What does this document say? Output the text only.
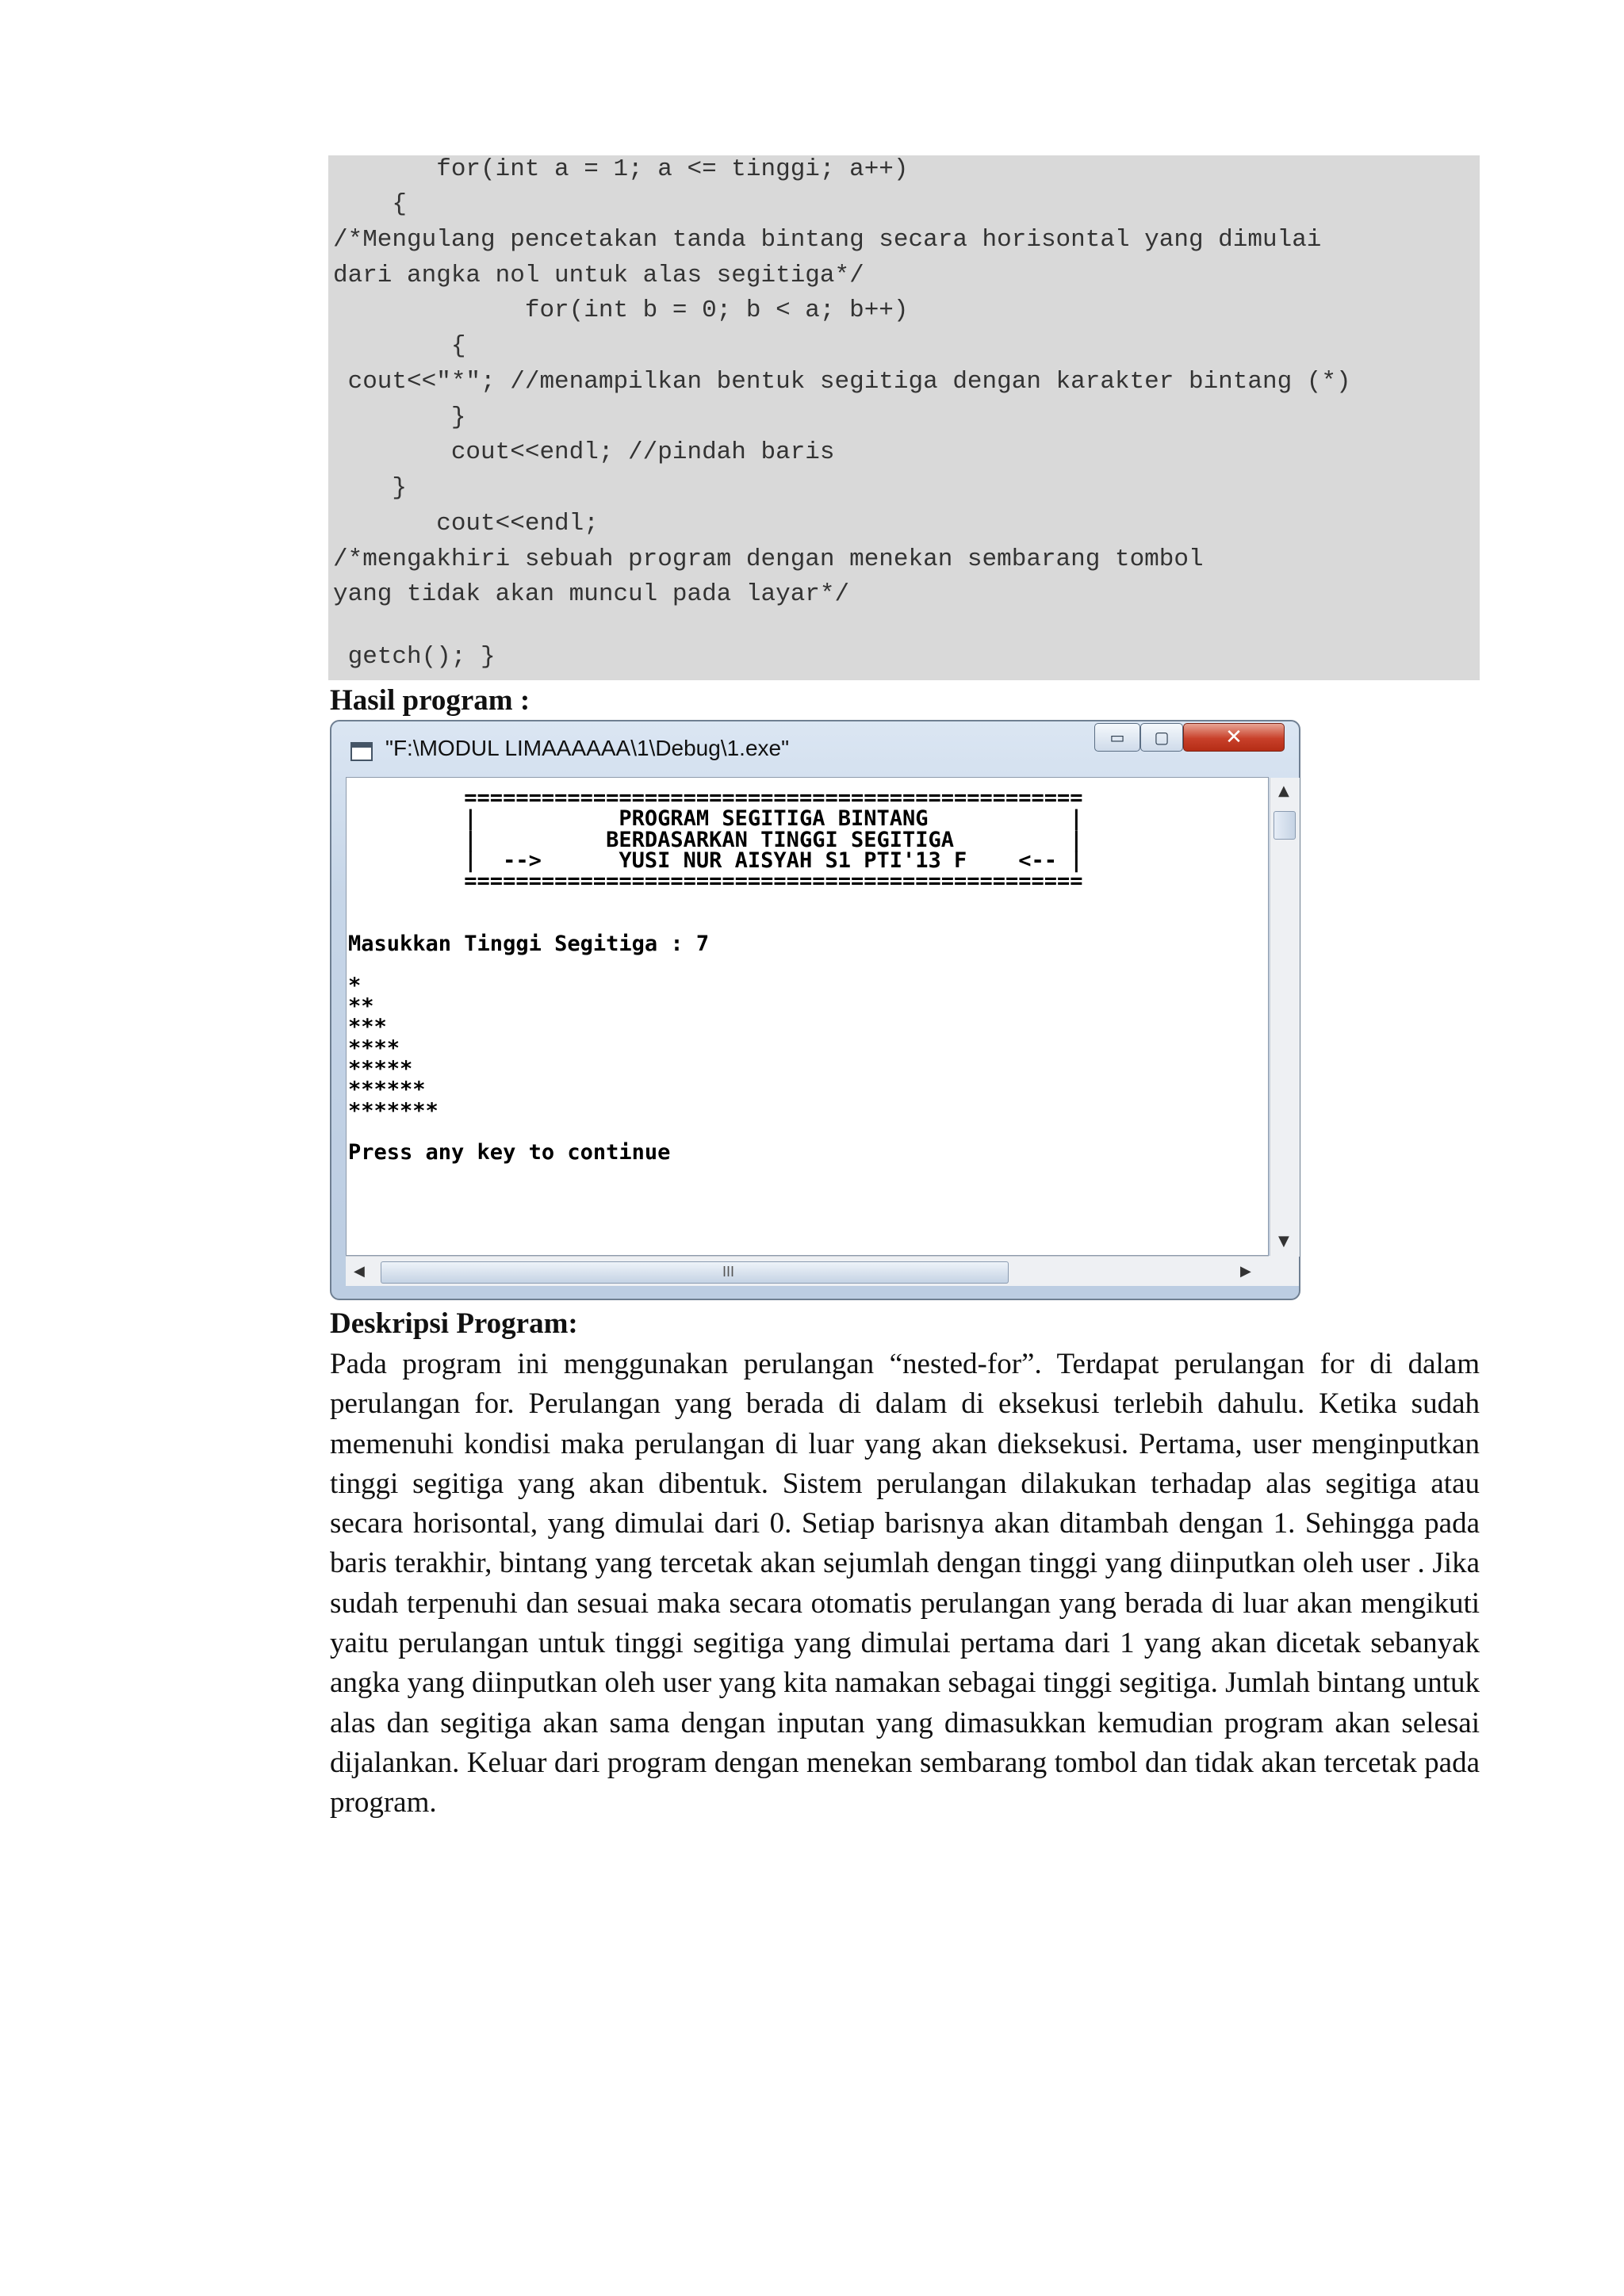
for(int a = 1; a <= tinggi; a++)
{
/*Mengulang pencetakan tanda bintang secara horisontal yang dimulai
dari angka nol untuk alas segitiga*/
for(int b = 0; b < a; b++)
{
cout<<"*"; //menampilkan bentuk segitiga dengan karakter bintang (*)
}
cout<<endl; //pindah baris
}
cout<<endl;
/*mengakhiri sebuah program dengan menekan sembarang tombol
yang tidak akan muncul pada layar*/
getch(); }
Hasil program :
"F:\MODUL LIMAAAAAA\1\Debug\1.exe"	▭ ▢	✕
▲
▼
================================================
|           PROGRAM SEGITIGA BINTANG           |
|          BERDASARKAN TINGGI SEGITIGA         |
|  -->      YUSI NUR AISYAH S1 PTI'13 F    <-- |
================================================
Masukkan Tinggi Segitiga : 7
*
**
***
****
*****
******
*******
Press any key to continue
◀	III	▶
Deskripsi Program:
Pada program ini menggunakan perulangan “nested-for”. Terdapat perulangan for di dalam perulangan for. Perulangan yang berada di dalam di eksekusi terlebih dahulu. Ketika sudah memenuhi kondisi maka perulangan di luar yang akan dieksekusi. Pertama, user menginputkan tinggi segitiga yang akan dibentuk. Sistem perulangan dilakukan terhadap alas segitiga atau secara horisontal, yang dimulai dari 0. Setiap barisnya akan ditambah dengan 1. Sehingga pada baris terakhir, bintang yang tercetak akan sejumlah dengan tinggi yang diinputkan oleh user . Jika sudah terpenuhi dan sesuai maka secara otomatis perulangan yang berada di luar akan mengikuti yaitu perulangan untuk tinggi segitiga yang dimulai pertama dari 1 yang akan dicetak sebanyak angka yang diinputkan oleh user yang kita namakan sebagai tinggi segitiga. Jumlah bintang untuk alas dan segitiga akan sama dengan inputan yang dimasukkan kemudian program akan selesai dijalankan. Keluar dari program dengan menekan sembarang tombol dan tidak akan tercetak pada program.
